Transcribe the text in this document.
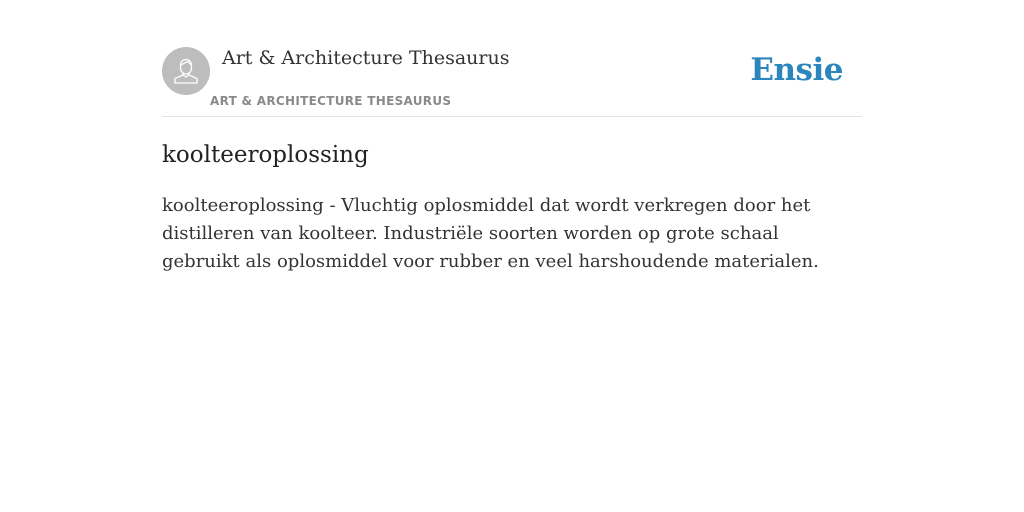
Art & Architecture Thesaurus
ART & ARCHITECTURE THESAURUS
Ensie
koolteeroplossing

koolteeroplossing - Vluchtig oplosmiddel dat wordt verkregen door het distilleren van koolteer. Industriële soorten worden op grote schaal gebruikt als oplosmiddel voor rubber en veel harshoudende materialen.
